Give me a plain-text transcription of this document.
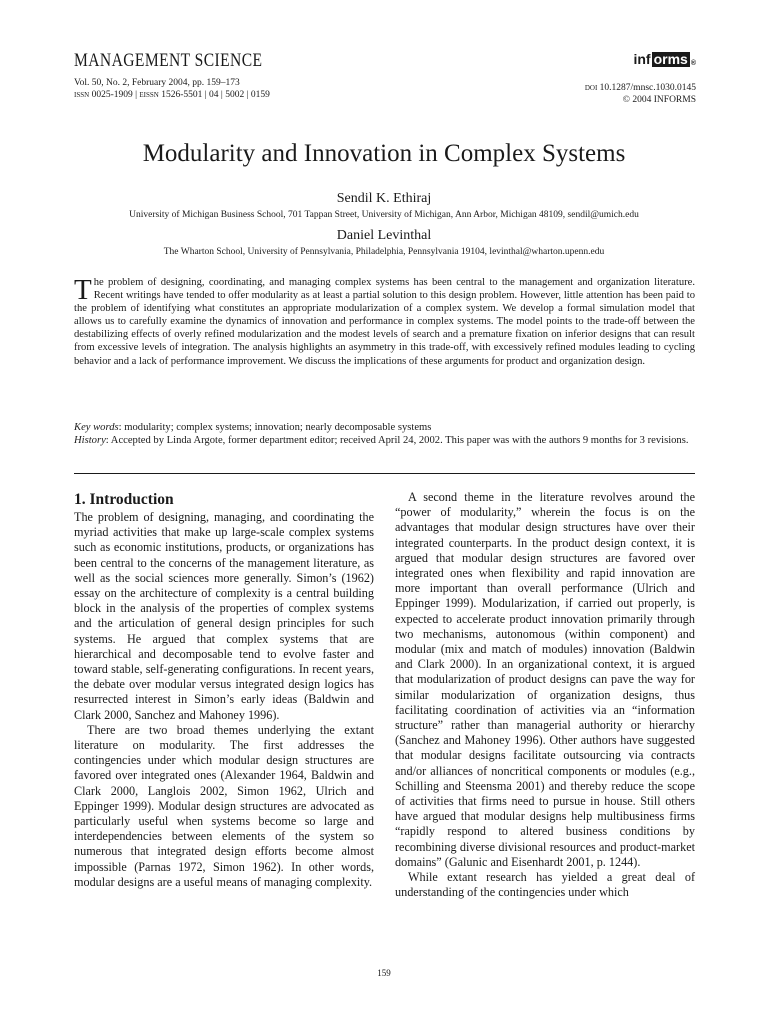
MANAGEMENT SCIENCE	inf orms ®
Vol. 50, No. 2, February 2004, pp. 159–173
issn 0025-1909 | eissn 1526-5501 | 04 | 5002 | 0159
doi 10.1287/mnsc.1030.0145
© 2004 INFORMS
Modularity and Innovation in Complex Systems
Sendil K. Ethiraj
University of Michigan Business School, 701 Tappan Street, University of Michigan, Ann Arbor, Michigan 48109, sendil@umich.edu
Daniel Levinthal
The Wharton School, University of Pennsylvania, Philadelphia, Pennsylvania 19104, levinthal@wharton.upenn.edu
The problem of designing, coordinating, and managing complex systems has been central to the management and organization literature. Recent writings have tended to offer modularity as at least a partial solution to this design problem. However, little attention has been paid to the problem of identifying what constitutes an appropriate modularization of a complex system. We develop a formal simulation model that allows us to carefully examine the dynamics of innovation and performance in complex systems. The model points to the trade-off between the destabilizing effects of overly refined modularization and the modest levels of search and a premature fixation on inferior designs that can result from excessive levels of integration. The analysis highlights an asymmetry in this trade-off, with excessively refined modules leading to cycling behavior and a lack of performance improvement. We discuss the implications of these arguments for product and organization design.
Key words: modularity; complex systems; innovation; nearly decomposable systems
History: Accepted by Linda Argote, former department editor; received April 24, 2002. This paper was with the authors 9 months for 3 revisions.
1. Introduction

The problem of designing, managing, and coordinating the myriad activities that make up large-scale complex systems such as economic institutions, products, or organizations has been central to the concerns of the management literature, as well as the social sciences more generally. Simon’s (1962) essay on the architecture of complexity is a central building block in the analysis of the properties of complex systems and the articulation of general design principles for such systems. He argued that complex systems that are hierarchical and decomposable tend to evolve faster and toward stable, self-generating configurations. In recent years, the debate over modular versus integrated design logics has resurrected interest in Simon’s early ideas (Baldwin and Clark 2000, Sanchez and Mahoney 1996).

There are two broad themes underlying the extant literature on modularity. The first addresses the contingencies under which modular design structures are favored over integrated ones (Alexander 1964, Baldwin and Clark 2000, Langlois 2002, Simon 1962, Ulrich and Eppinger 1999). Modular design structures are advocated as particularly useful when systems become so large and interdependencies between elements of the system so numerous that integrated design efforts become almost impossible (Parnas 1972, Simon 1962). In other words, modular designs are a useful means of managing complexity.

A second theme in the literature revolves around the “power of modularity,” wherein the focus is on the advantages that modular design structures have over their integrated counterparts. In the product design context, it is argued that modular design structures are favored over integrated ones when flexibility and rapid innovation are more important than overall performance (Ulrich and Eppinger 1999). Modularization, if carried out properly, is expected to accelerate product innovation primarily through two mechanisms, autonomous (within component) and modular (mix and match of modules) innovation (Baldwin and Clark 2000). In an organizational context, it is argued that modularization of product designs can pave the way for similar modularization of organization designs, thus facilitating coordination of activities via an “information structure” rather than managerial authority or hierarchy (Sanchez and Mahoney 1996). Other authors have suggested that modular designs facilitate outsourcing via contracts and/or alliances of noncritical components or modules (e.g., Schilling and Steensma 2001) and thereby reduce the scope of activities that firms need to pursue in house. Still others have argued that modular designs help multibusiness firms “rapidly respond to altered business conditions by recombining diverse divisional resources and product-market domains” (Galunic and Eisenhardt 2001, p. 1244).

While extant research has yielded a great deal of understanding of the contingencies under which

159
